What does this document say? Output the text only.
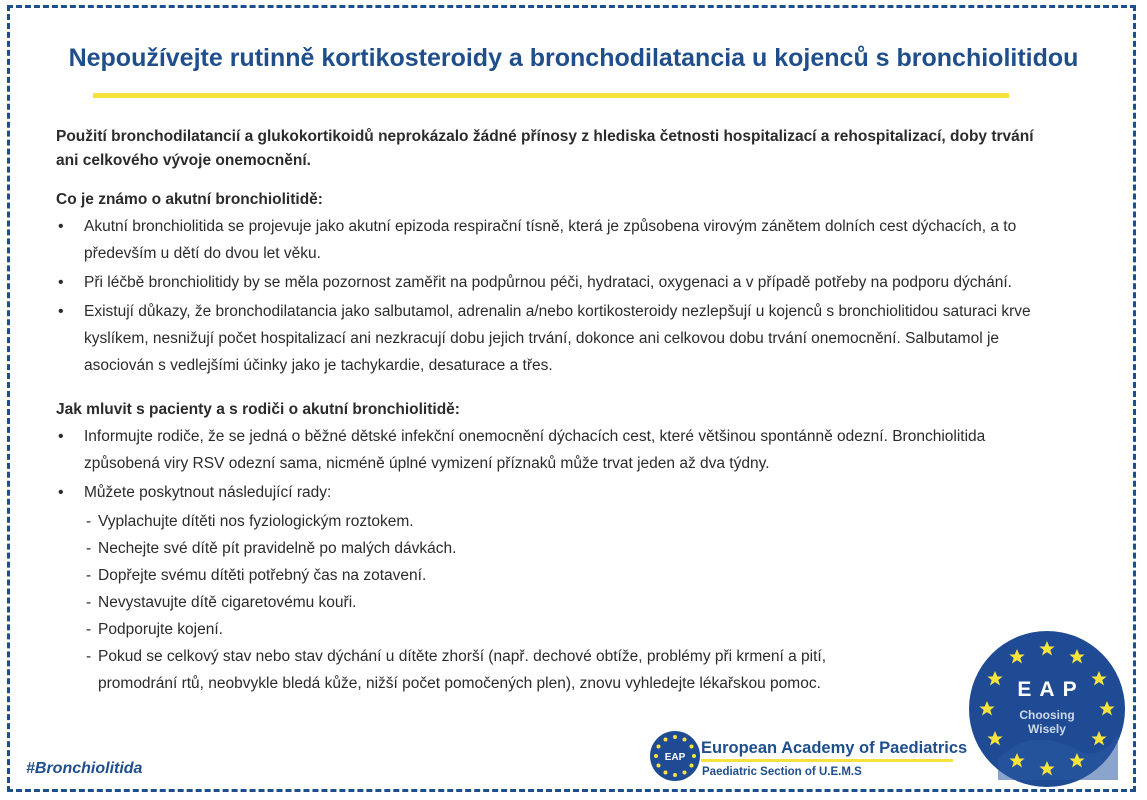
Nepoužívejte rutinně kortikosteroidy a bronchodilatancia u kojenců s bronchiolitidou

Použití bronchodilatancií a glukokortikoidů neprokázalo žádné přínosy z hlediska četnosti hospitalizací a rehospitalizací, doby trvání ani celkového vývoje onemocnění.

Co je známo o akutní bronchiolitidě:

• Akutní bronchiolitida se projevuje jako akutní epizoda respirační tísně, která je způsobena virovým zánětem dolních cest dýchacích, a to především u dětí do dvou let věku.
• Při léčbě bronchiolitidy by se měla pozornost zaměřit na podpůrnou péči, hydrataci, oxygenaci a v případě potřeby na podporu dýchání.
• Existují důkazy, že bronchodilatancia jako salbutamol, adrenalin a/nebo kortikosteroidy nezlepšují u kojenců s bronchiolitidou saturaci krve kyslíkem, nesnižují počet hospitalizací ani nezkracují dobu jejich trvání, dokonce ani celkovou dobu trvání onemocnění. Salbutamol je asociován s vedlejšími účinky jako je tachykardie, desaturace a třes.

Jak mluvit s pacienty a s rodiči o akutní bronchiolitidě:

• Informujte rodiče, že se jedná o běžné dětské infekční onemocnění dýchacích cest, které většinou spontánně odezní. Bronchiolitida způsobená viry RSV odezní sama, nicméně úplné vymizení příznaků může trvat jeden až dva týdny.
• Můžete poskytnout následující rady:
- Vyplachujte dítěti nos fyziologickým roztokem.
- Nechejte své dítě pít pravidelně po malých dávkách.
- Dopřejte svému dítěti potřebný čas na zotavení.
- Nevystavujte dítě cigaretovému kouři.
- Podporujte kojení.
- Pokud se celkový stav nebo stav dýchání u dítěte zhorší (např. dechové obtíže, problémy při krmení a pití, promodrání rtů, neobvykle bledá kůže, nižší počet pomočených plen), znovu vyhledejte lékařskou pomoc.
#Bronchiolitida
EAP
European Academy of Paediatrics
Paediatric Section of U.E.M.S
EAP
Choosing
Wisely
